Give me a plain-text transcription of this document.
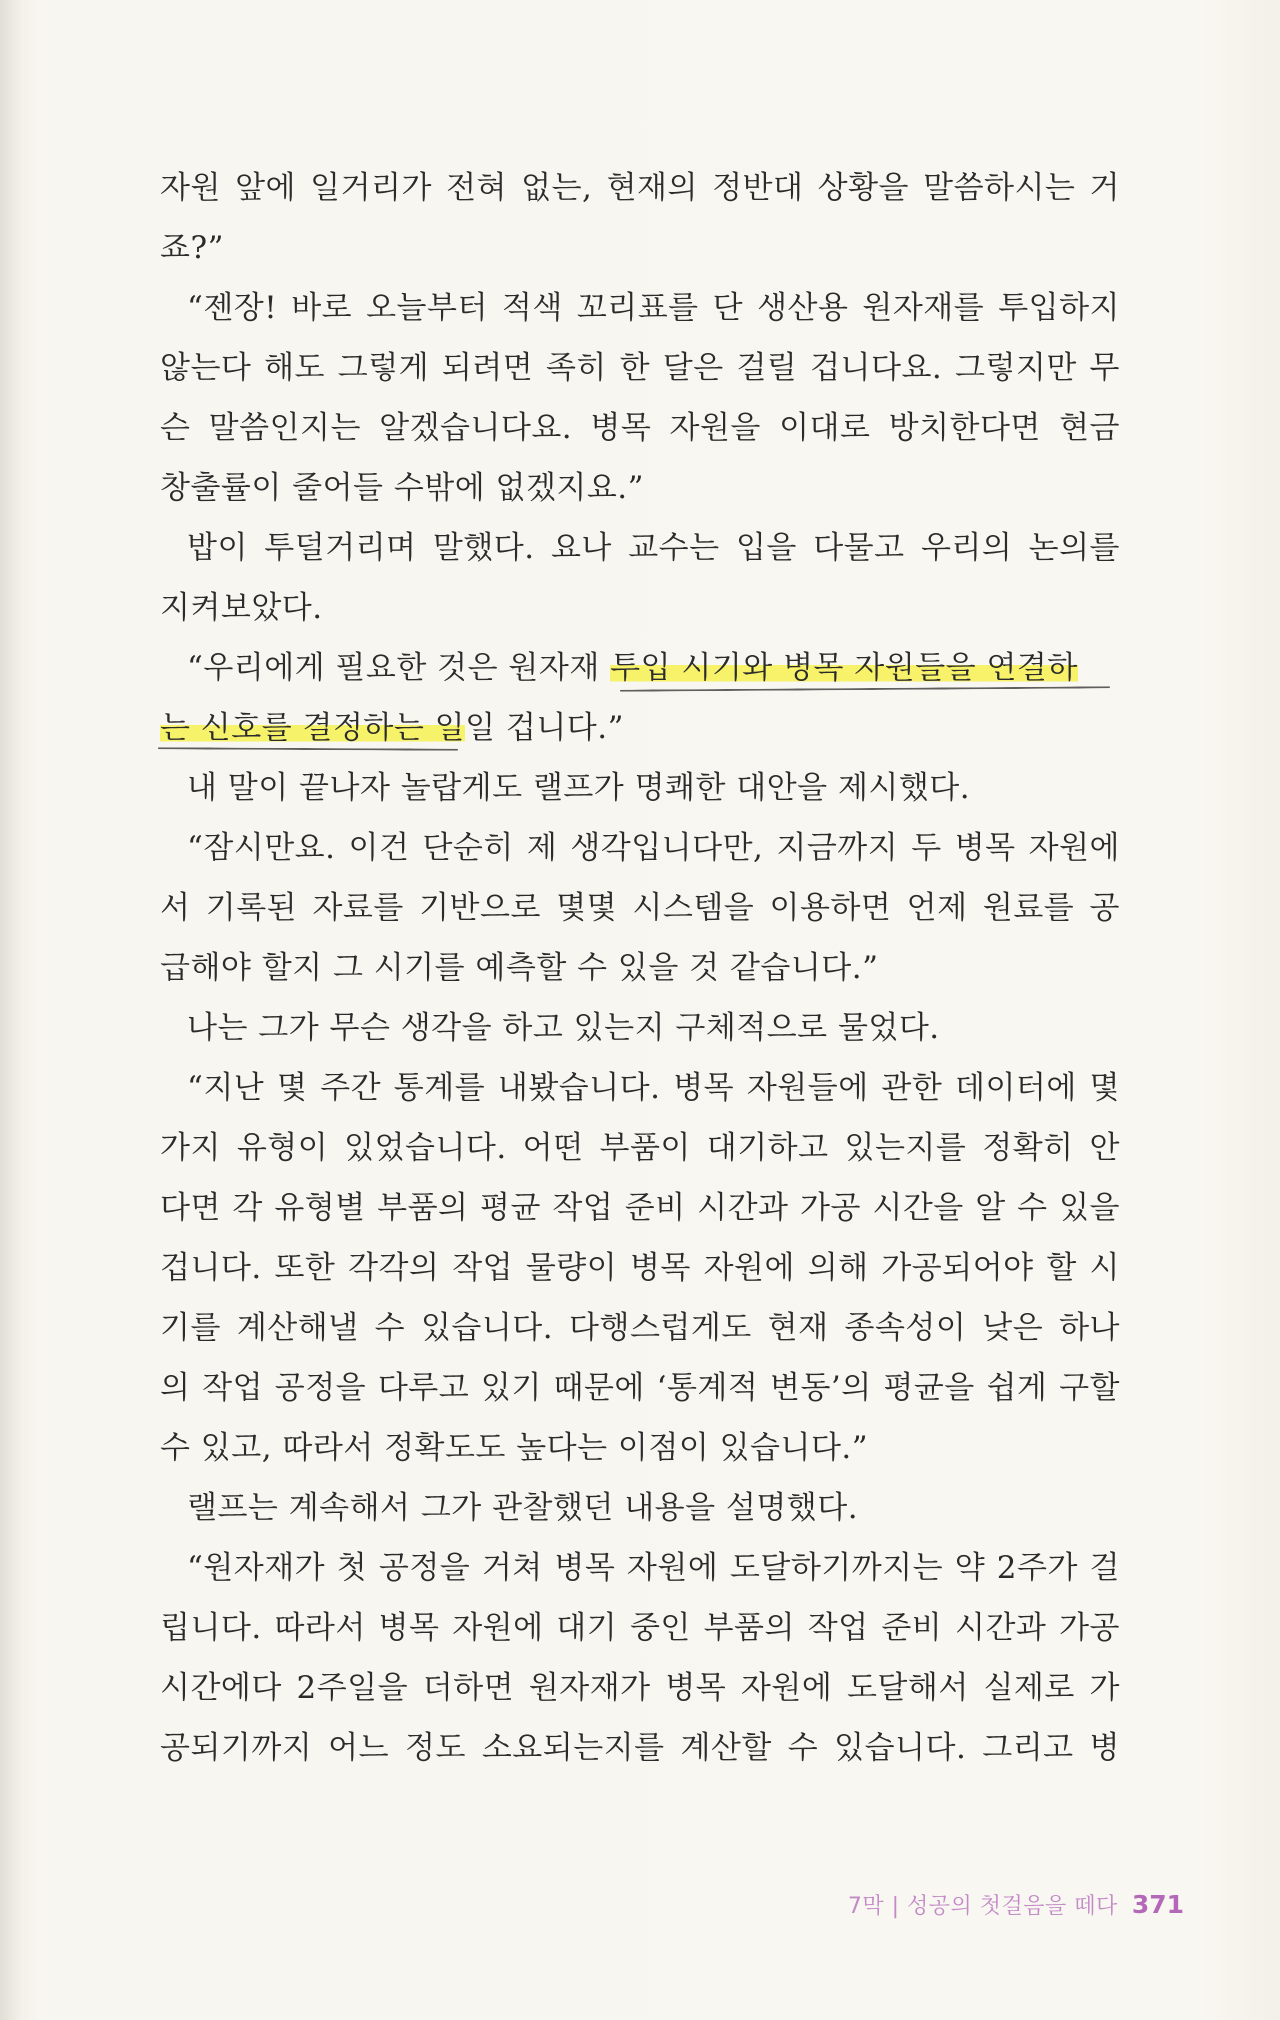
자원 앞에 일거리가 전혀 없는, 현재의 정반대 상황을 말씀하시는 거
죠?”
“젠장! 바로 오늘부터 적색 꼬리표를 단 생산용 원자재를 투입하지
않는다 해도 그렇게 되려면 족히 한 달은 걸릴 겁니다요. 그렇지만 무
슨 말씀인지는 알겠습니다요. 병목 자원을 이대로 방치한다면 현금
창출률이 줄어들 수밖에 없겠지요.”
밥이 투덜거리며 말했다. 요나 교수는 입을 다물고 우리의 논의를
지켜보았다.
“우리에게 필요한 것은 원자재 투입 시기와 병목 자원들을 연결하
는 신호를 결정하는 일일 겁니다.”
내 말이 끝나자 놀랍게도 랠프가 명쾌한 대안을 제시했다.
“잠시만요. 이건 단순히 제 생각입니다만, 지금까지 두 병목 자원에
서 기록된 자료를 기반으로 몇몇 시스템을 이용하면 언제 원료를 공
급해야 할지 그 시기를 예측할 수 있을 것 같습니다.”
나는 그가 무슨 생각을 하고 있는지 구체적으로 물었다.
“지난 몇 주간 통계를 내봤습니다. 병목 자원들에 관한 데이터에 몇
가지 유형이 있었습니다. 어떤 부품이 대기하고 있는지를 정확히 안
다면 각 유형별 부품의 평균 작업 준비 시간과 가공 시간을 알 수 있을
겁니다. 또한 각각의 작업 물량이 병목 자원에 의해 가공되어야 할 시
기를 계산해낼 수 있습니다. 다행스럽게도 현재 종속성이 낮은 하나
의 작업 공정을 다루고 있기 때문에 ‘통계적 변동’의 평균을 쉽게 구할
수 있고, 따라서 정확도도 높다는 이점이 있습니다.”
랠프는 계속해서 그가 관찰했던 내용을 설명했다.
“원자재가 첫 공정을 거쳐 병목 자원에 도달하기까지는 약 2주가 걸
립니다. 따라서 병목 자원에 대기 중인 부품의 작업 준비 시간과 가공
시간에다 2주일을 더하면 원자재가 병목 자원에 도달해서 실제로 가
공되기까지 어느 정도 소요되는지를 계산할 수 있습니다. 그리고 병
7막 | 성공의 첫걸음을 떼다 371
